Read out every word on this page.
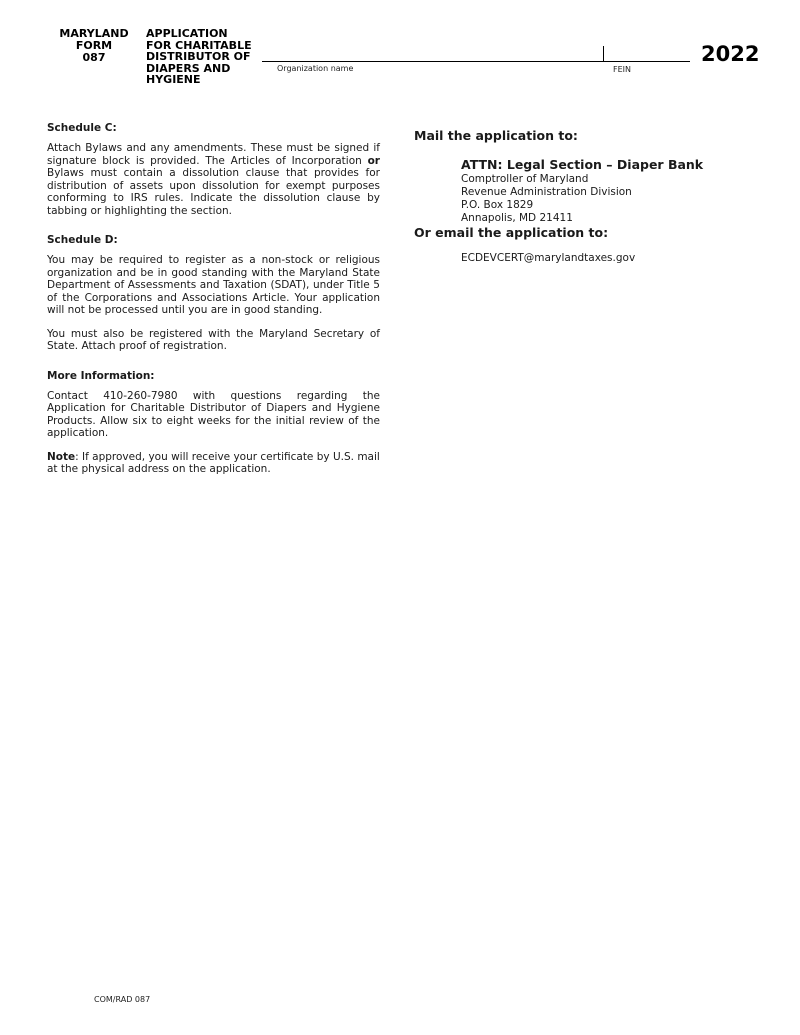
MARYLAND
FORM
087
APPLICATION
FOR CHARITABLE
DISTRIBUTOR OF
DIAPERS AND
HYGIENE
Organization name	FEIN
2022
Schedule C:

Attach Bylaws and any amendments. These must be signed if signature block is provided. The Articles of Incorporation or Bylaws must contain a dissolution clause that provides for distribution of assets upon dissolution for exempt purposes conforming to IRS rules. Indicate the dissolution clause by tabbing or highlighting the section.

Schedule D:

You may be required to register as a non-stock or religious organization and be in good standing with the Maryland State Department of Assessments and Taxation (SDAT), under Title 5 of the Corporations and Associations Article. Your application will not be processed until you are in good standing.

You must also be registered with the Maryland Secretary of State. Attach proof of registration.

More Information:

Contact 410-260-7980 with questions regarding the Application for Charitable Distributor of Diapers and Hygiene Products. Allow six to eight weeks for the initial review of the application.

Note: If approved, you will receive your certificate by U.S. mail at the physical address on the application.

Mail the application to:
ATTN: Legal Section – Diaper Bank
Comptroller of Maryland
Revenue Administration Division
P.O. Box 1829
Annapolis, MD 21411
Or email the application to:
ECDEVCERT@marylandtaxes.gov
COM/RAD 087
